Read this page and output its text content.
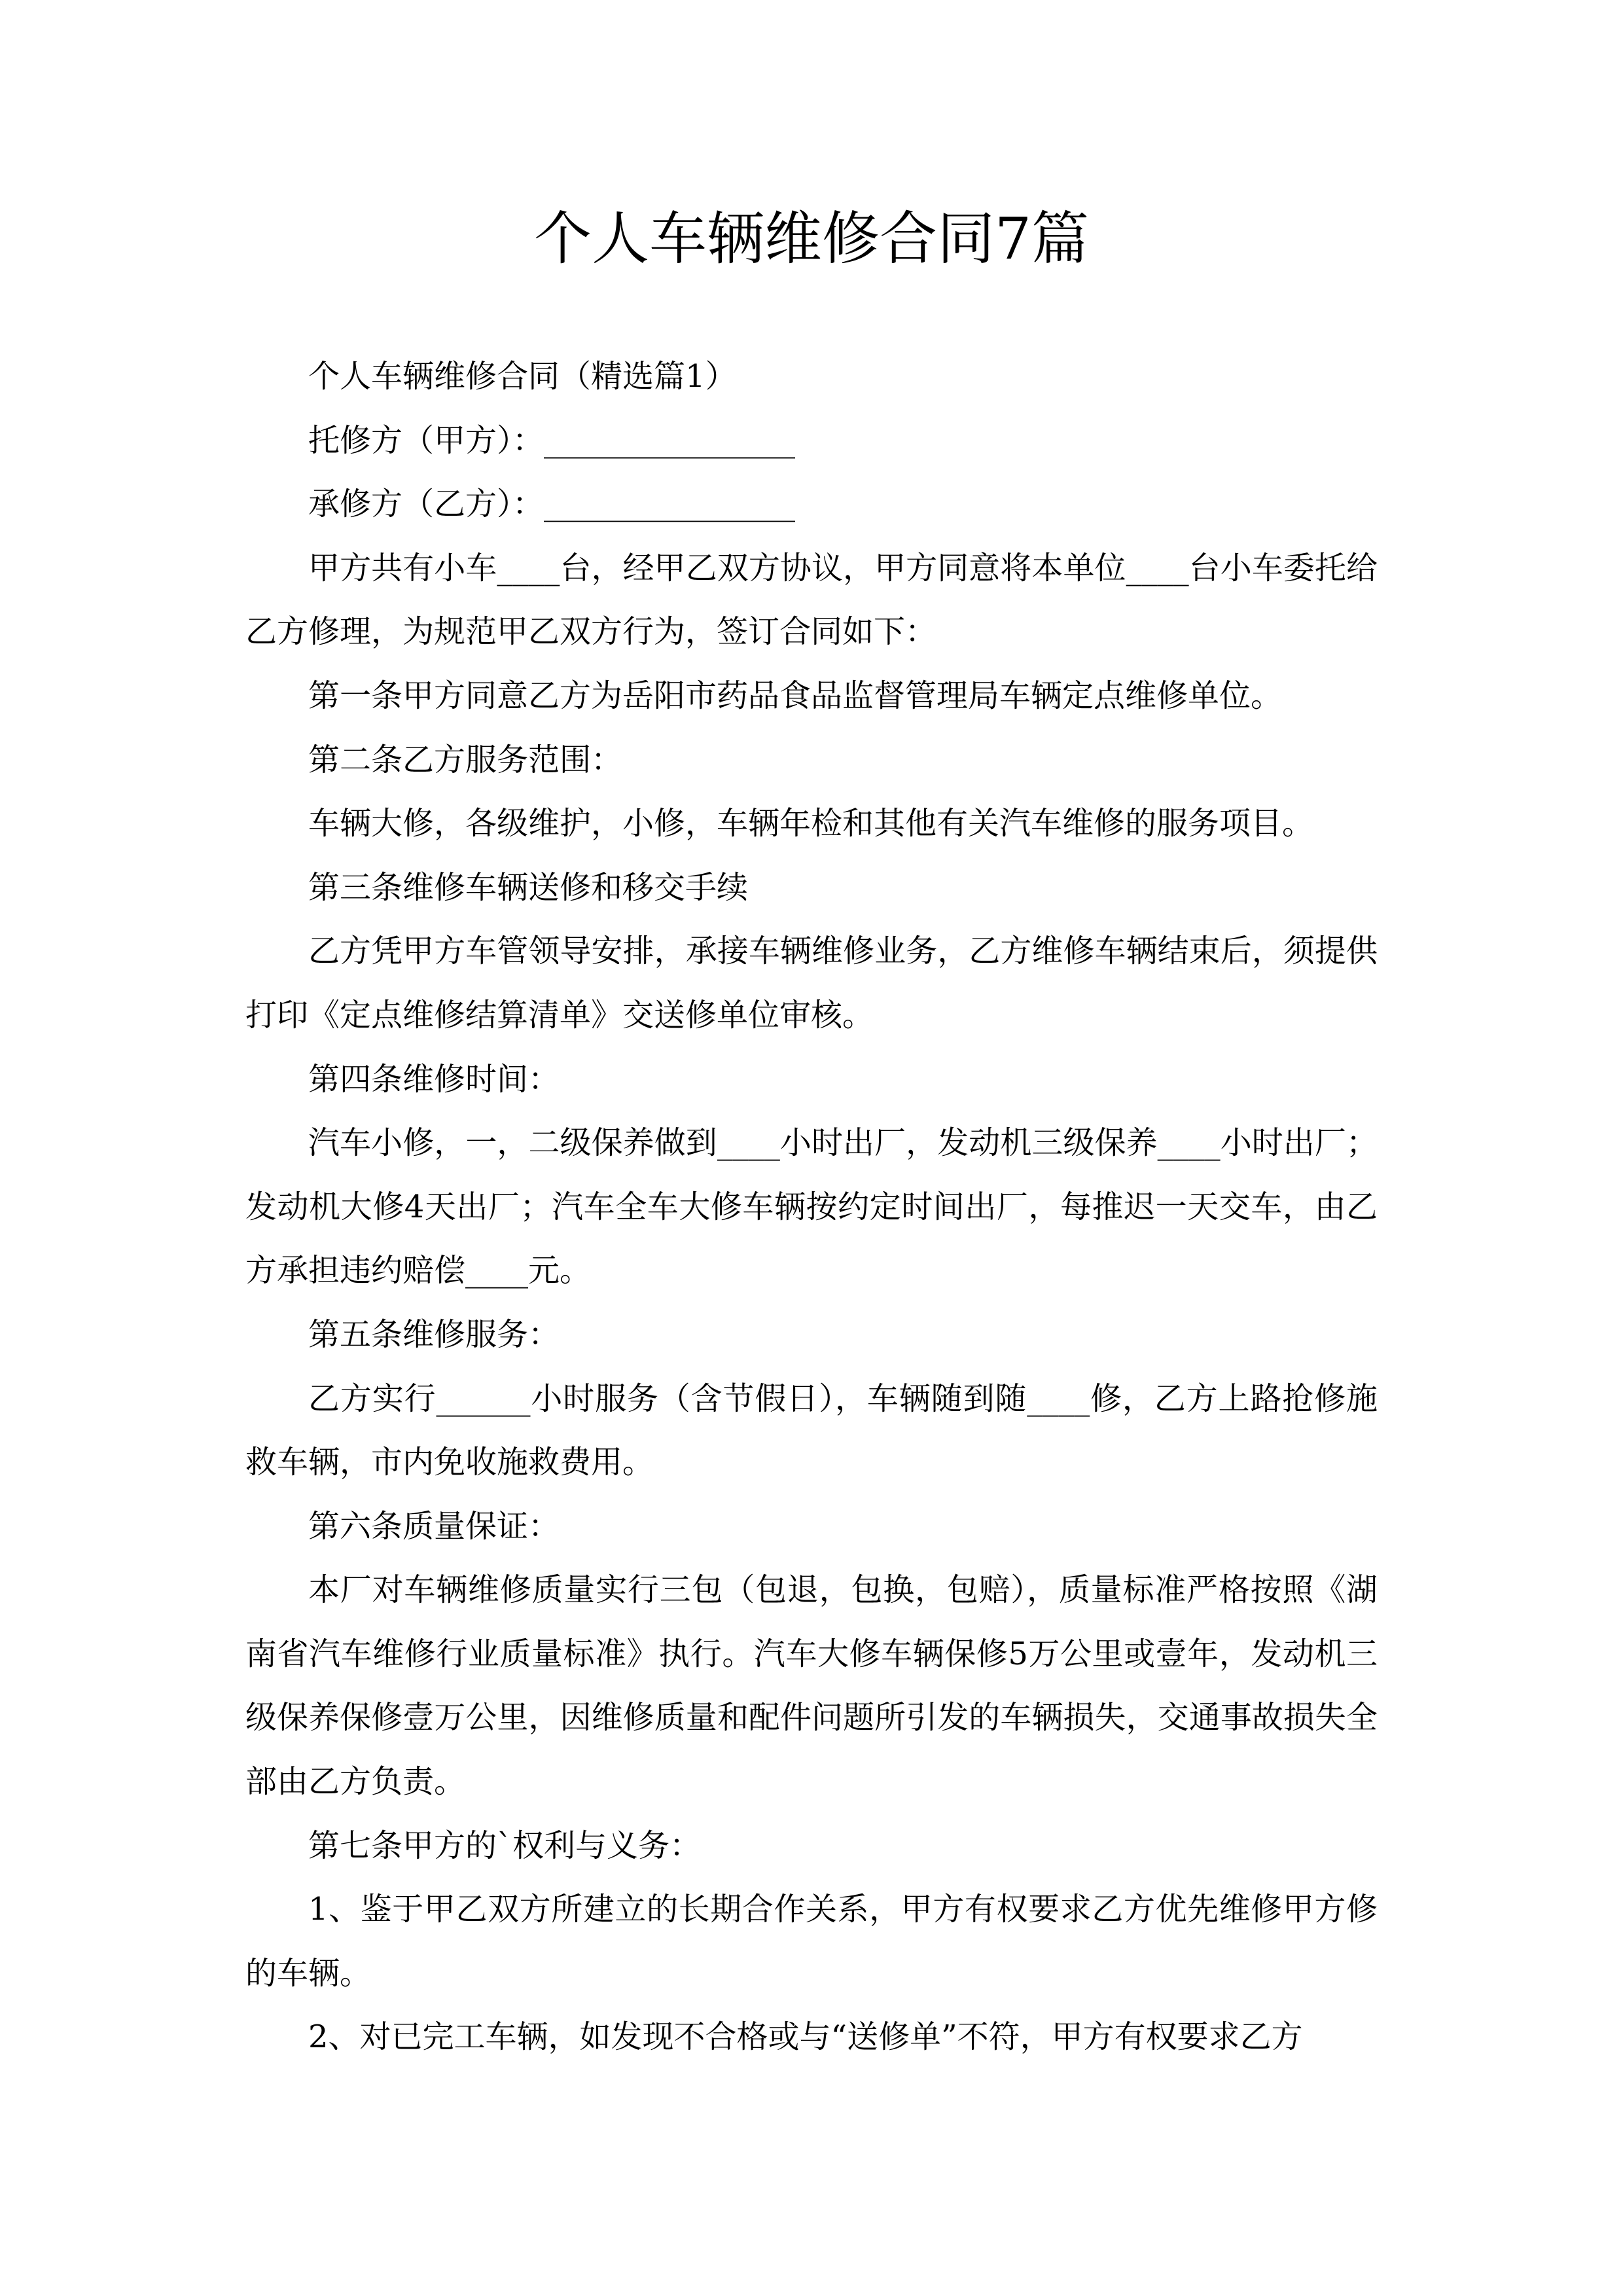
个人车辆维修合同7篇

个人车辆维修合同（精选篇1）

托修方（甲方）：________________

承修方（乙方）：________________

甲方共有小车____台，经甲乙双方协议，甲方同意将本单位____台小车委托给乙方修理，为规范甲乙双方行为，签订合同如下：

第一条甲方同意乙方为岳阳市药品食品监督管理局车辆定点维修单位。

第二条乙方服务范围：

车辆大修，各级维护，小修，车辆年检和其他有关汽车维修的服务项目。

第三条维修车辆送修和移交手续

乙方凭甲方车管领导安排，承接车辆维修业务，乙方维修车辆结束后，须提供打印《定点维修结算清单》交送修单位审核。

第四条维修时间：

汽车小修，一，二级保养做到____小时出厂，发动机三级保养____小时出厂；发动机大修4天出厂；汽车全车大修车辆按约定时间出厂，每推迟一天交车，由乙方承担违约赔偿____元。

第五条维修服务：

乙方实行______小时服务（含节假日），车辆随到随____修，乙方上路抢修施救车辆，市内免收施救费用。

第六条质量保证：

本厂对车辆维修质量实行三包（包退，包换，包赔），质量标准严格按照《湖南省汽车维修行业质量标准》执行。汽车大修车辆保修5万公里或壹年，发动机三级保养保修壹万公里，因维修质量和配件问题所引发的车辆损失，交通事故损失全部由乙方负责。

第七条甲方的`权利与义务：

1、鉴于甲乙双方所建立的长期合作关系，甲方有权要求乙方优先维修甲方修的车辆。

2、对已完工车辆，如发现不合格或与“送修单”不符，甲方有权要求乙方
